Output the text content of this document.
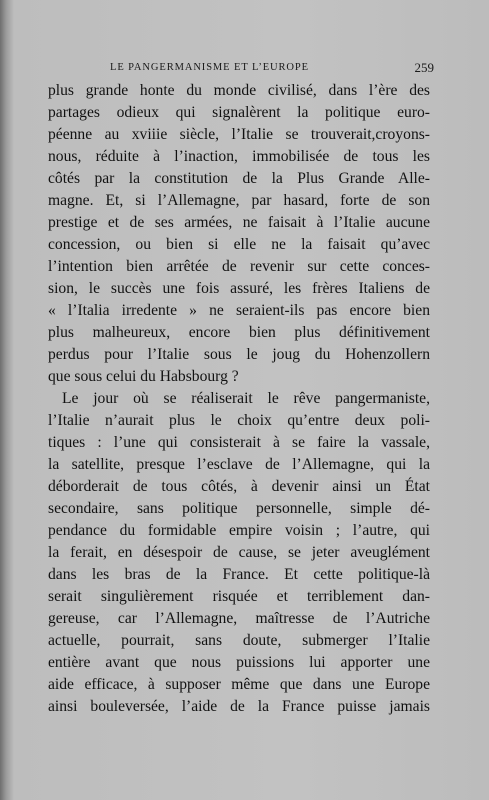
LE PANGERMANISME ET L’EUROPE	259
plus grande honte du monde civilisé, dans l’ère des
partages odieux qui signalèrent la politique euro-
péenne au xviiie siècle, l’Italie se trouverait,croyons-
nous, réduite à l’inaction, immobilisée de tous les
côtés par la constitution de la Plus Grande Alle-
magne. Et, si l’Allemagne, par hasard, forte de son
prestige et de ses armées, ne faisait à l’Italie aucune
concession, ou bien si elle ne la faisait qu’avec
l’intention bien arrêtée de revenir sur cette conces-
sion, le succès une fois assuré, les frères Italiens de
« l’Italia irredente » ne seraient-ils pas encore bien
plus malheureux, encore bien plus définitivement
perdus pour l’Italie sous le joug du Hohenzollern
que sous celui du Habsbourg ?
Le jour où se réaliserait le rêve pangermaniste,
l’Italie n’aurait plus le choix qu’entre deux poli-
tiques : l’une qui consisterait à se faire la vassale,
la satellite, presque l’esclave de l’Allemagne, qui la
déborderait de tous côtés, à devenir ainsi un État
secondaire, sans politique personnelle, simple dé-
pendance du formidable empire voisin ; l’autre, qui
la ferait, en désespoir de cause, se jeter aveuglément
dans les bras de la France. Et cette politique-là
serait singulièrement risquée et terriblement dan-
gereuse, car l’Allemagne, maîtresse de l’Autriche
actuelle, pourrait, sans doute, submerger l’Italie
entière avant que nous puissions lui apporter une
aide efficace, à supposer même que dans une Europe
ainsi bouleversée, l’aide de la France puisse jamais
